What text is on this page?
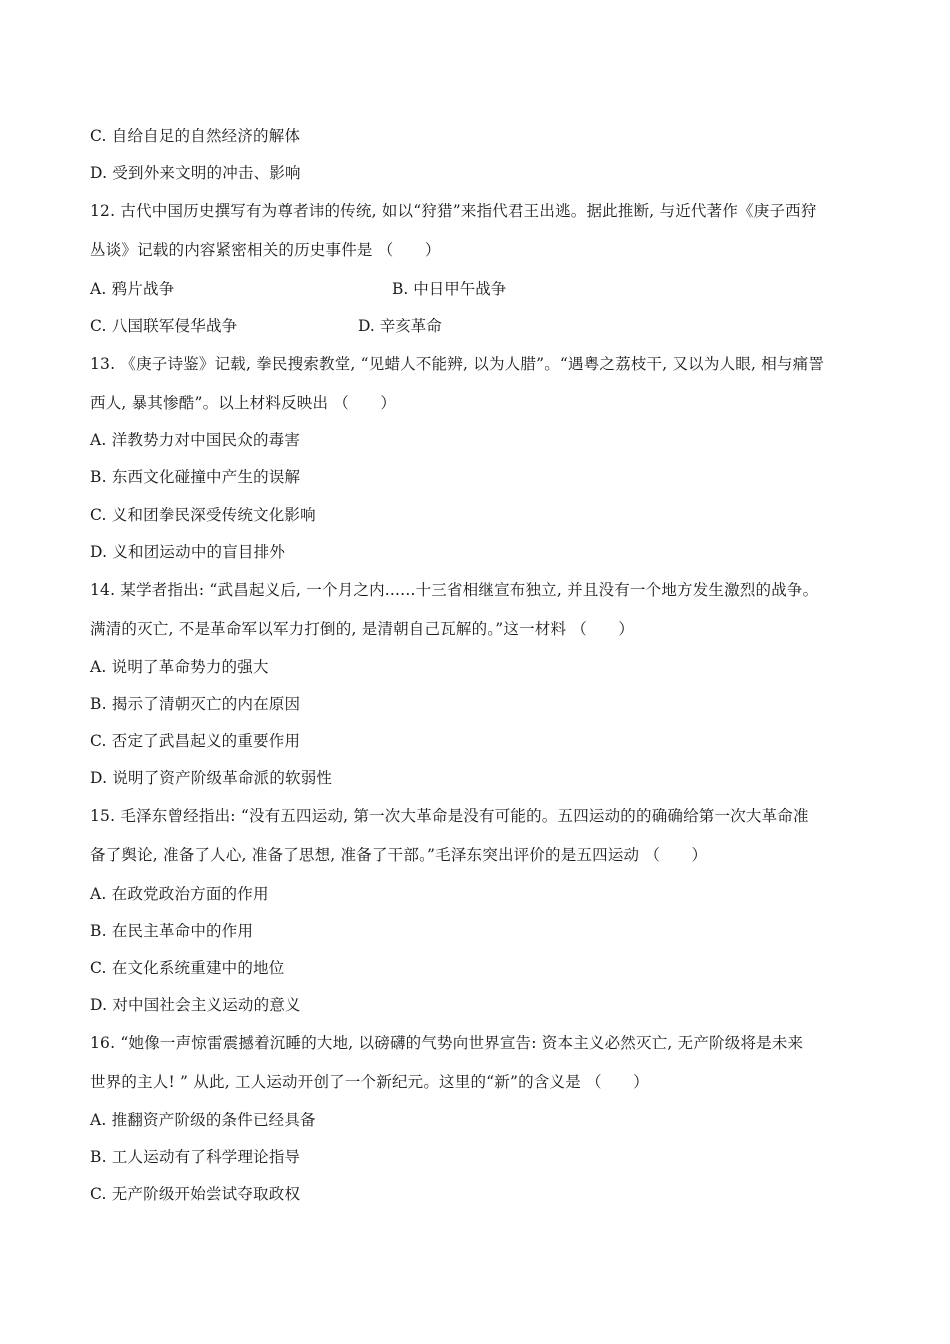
C. 自给自足的自然经济的解体
D. 受到外来文明的冲击、影响
12. 古代中国历史撰写有为尊者讳的传统, 如以“狩猎”来指代君王出逃。据此推断, 与近代著作《庚子西狩
丛谈》记载的内容紧密相关的历史事件是 （　　）
A. 鸦片战争	B. 中日甲午战争
C. 八国联军侵华战争	D. 辛亥革命
13. 《庚子诗鉴》记载, 拳民搜索教堂, “见蜡人不能辨, 以为人腊”。“遇粤之荔枝干, 又以为人眼, 相与痛詈
西人, 暴其惨酷”。以上材料反映出 （　　）
A. 洋教势力对中国民众的毒害
B. 东西文化碰撞中产生的误解
C. 义和团拳民深受传统文化影响
D. 义和团运动中的盲目排外
14. 某学者指出: “武昌起义后, 一个月之内......十三省相继宣布独立, 并且没有一个地方发生激烈的战争。
满清的灭亡, 不是革命军以军力打倒的, 是清朝自己瓦解的。”这一材料 （　　）
A. 说明了革命势力的强大
B. 揭示了清朝灭亡的内在原因
C. 否定了武昌起义的重要作用
D. 说明了资产阶级革命派的软弱性
15. 毛泽东曾经指出: “没有五四运动, 第一次大革命是没有可能的。五四运动的的确确给第一次大革命准
备了舆论, 准备了人心, 准备了思想, 准备了干部。”毛泽东突出评价的是五四运动 （　　）
A. 在政党政治方面的作用
B. 在民主革命中的作用
C. 在文化系统重建中的地位
D. 对中国社会主义运动的意义
16. “她像一声惊雷震撼着沉睡的大地, 以磅礴的气势向世界宣告: 资本主义必然灭亡, 无产阶级将是未来
世界的主人! ” 从此, 工人运动开创了一个新纪元。这里的“新”的含义是 （　　）
A. 推翻资产阶级的条件已经具备
B. 工人运动有了科学理论指导
C. 无产阶级开始尝试夺取政权
